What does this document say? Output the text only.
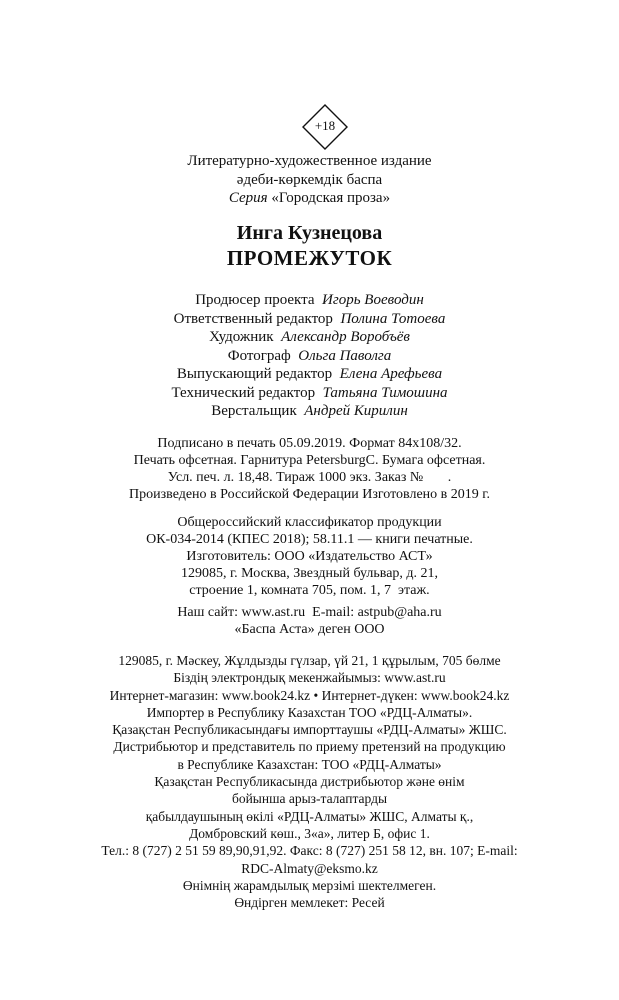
+18
Литературно-художественное издание
әдеби-көркемдік баспа
Серия «Городская проза»
Инга Кузнецова
ПРОМЕЖУТОК
Продюсер проекта Игорь Воеводин
Ответственный редактор Полина Тотоева
Художник Александр Воробъёв
Фотограф Ольга Паволга
Выпускающий редактор Елена Арефьева
Технический редактор Татьяна Тимошина
Верстальщик Андрей Кирилин
Подписано в печать 05.09.2019. Формат 84х108/32.
Печать офсетная. Гарнитура PetersburgC. Бумага офсетная.
Усл. печ. л. 18,48. Тираж 1000 экз. Заказ №       .
Произведено в Российской Федерации Изготовлено в 2019 г.
Общероссийский классификатор продукции
ОК-034-2014 (КПЕС 2018); 58.11.1 — книги печатные.
Изготовитель: ООО «Издательство АСТ»
129085, г. Москва, Звездный бульвар, д. 21,
строение 1, комната 705, пом. 1, 7  этаж.
Наш сайт: www.ast.ru  E-mail: astpub@aha.ru
«Баспа Аста» деген ООО
129085, г. Мәскеу, Жұлдызды гүлзар, үй 21, 1 құрылым, 705 бөлме
Біздің электрондық мекенжайымыз: www.ast.ru
Интернет-магазин: www.book24.kz • Интернет-дүкен: www.book24.kz
Импортер в Республику Казахстан ТОО «РДЦ-Алматы».
Қазақстан Республикасындағы импорттаушы «РДЦ-Алматы» ЖШС.
Дистрибьютор и представитель по приему претензий на продукцию
в Республике Казахстан: ТОО «РДЦ-Алматы»
Қазақстан Республикасында дистрибьютор және өнім
бойынша арыз-талаптарды
қабылдаушының өкілі «РДЦ-Алматы» ЖШС, Алматы қ.,
Домбровский көш., 3«а», литер Б, офис 1.
Тел.: 8 (727) 2 51 59 89,90,91,92. Факс: 8 (727) 251 58 12, вн. 107; E-mail:
RDC-Almaty@eksmo.kz
Өнімнің жарамдылық мерзімі шектелмеген.
Өндірген мемлекет: Ресей
